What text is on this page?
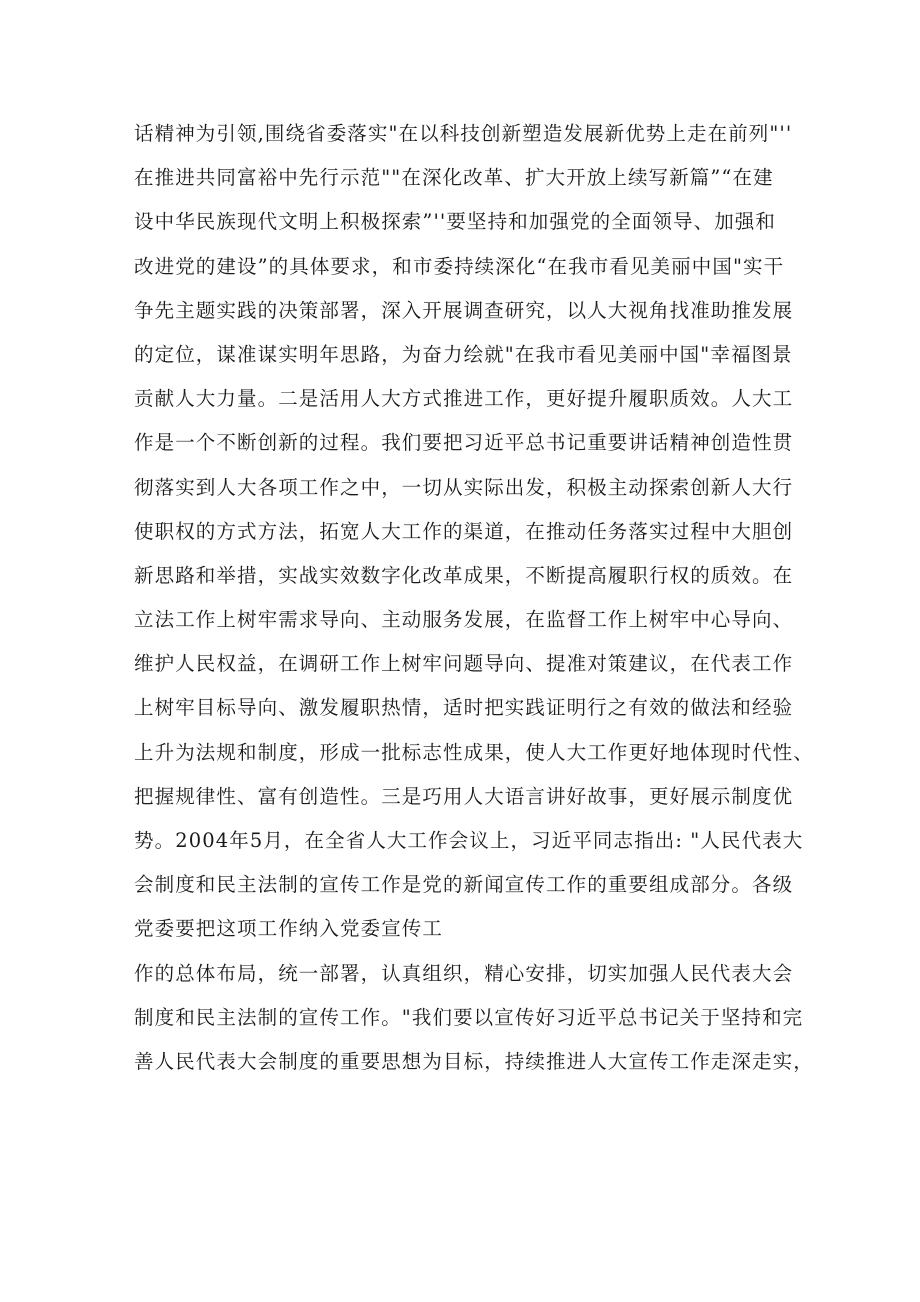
话精神为引领,围绕省委落实"在以科技创新塑造发展新优势上走在前列"''
在推进共同富裕中先行示范""在深化改革、扩大开放上续写新篇”“在建
设中华民族现代文明上积极探索”''要坚持和加强党的全面领导、加强和
改进党的建设”的具体要求，和市委持续深化“在我市看见美丽中国"实干
争先主题实践的决策部署，深入开展调查研究，以人大视角找准助推发展
的定位，谋准谋实明年思路，为奋力绘就"在我市看见美丽中国"幸福图景
贡献人大力量。二是活用人大方式推进工作，更好提升履职质效。人大工
作是一个不断创新的过程。我们要把习近平总书记重要讲话精神创造性贯
彻落实到人大各项工作之中，一切从实际出发，积极主动探索创新人大行
使职权的方式方法，拓宽人大工作的渠道，在推动任务落实过程中大胆创
新思路和举措，实战实效数字化改革成果，不断提高履职行权的质效。在
立法工作上树牢需求导向、主动服务发展，在监督工作上树牢中心导向、
维护人民权益，在调研工作上树牢问题导向、提准对策建议，在代表工作
上树牢目标导向、激发履职热情，适时把实践证明行之有效的做法和经验
上升为法规和制度，形成一批标志性成果，使人大工作更好地体现时代性、
把握规律性、富有创造性。三是巧用人大语言讲好故事，更好展示制度优
势。2004年5月，在全省人大工作会议上，习近平同志指出: "人民代表大
会制度和民主法制的宣传工作是党的新闻宣传工作的重要组成部分。各级
党委要把这项工作纳入党委宣传工
作的总体布局，统一部署，认真组织，精心安排，切实加强人民代表大会
制度和民主法制的宣传工作。"我们要以宣传好习近平总书记关于坚持和完
善人民代表大会制度的重要思想为目标，持续推进人大宣传工作走深走实，
